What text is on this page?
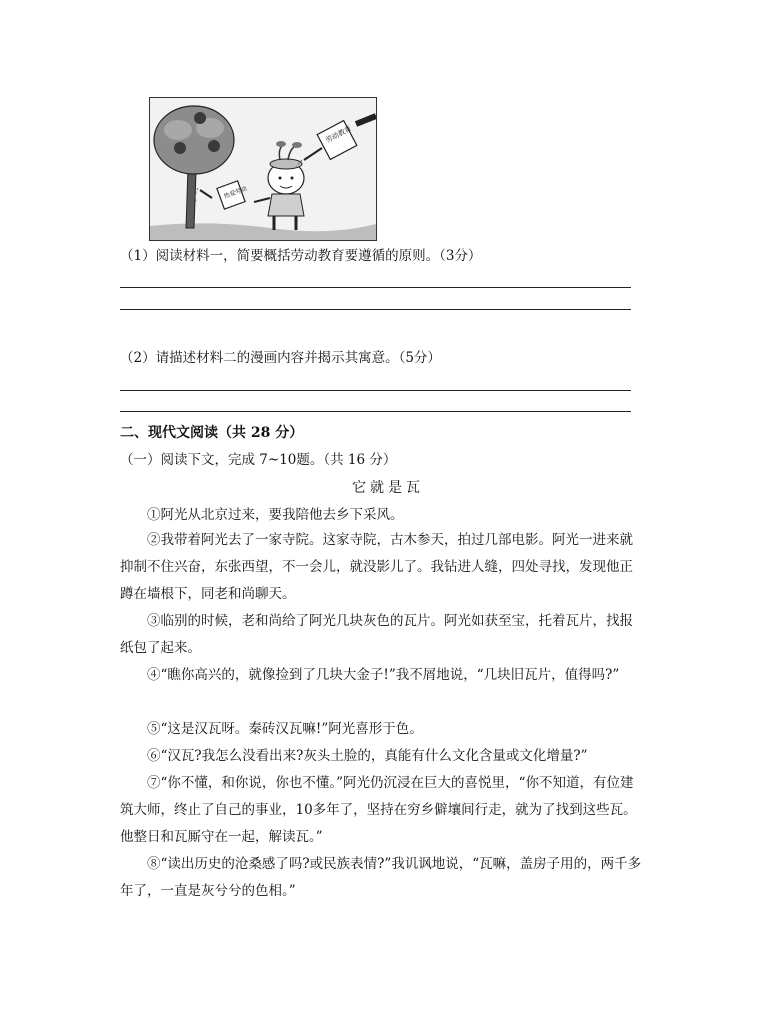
热爱劳动
劳动教育
（1）阅读材料一，简要概括劳动教育要遵循的原则。（3分）
（2）请描述材料二的漫画内容并揭示其寓意。（5分）
二、现代文阅读（共 28 分）
（一）阅读下文，完成 7~10题。（共 16 分）
它就是瓦
①阿光从北京过来，要我陪他去乡下采风。
②我带着阿光去了一家寺院。这家寺院，古木参天，拍过几部电影。阿光一进来就抑制不住兴奋，东张西望，不一会儿，就没影儿了。我钻进人缝，四处寻找，发现他正蹲在墙根下，同老和尚聊天。
③临别的时候，老和尚给了阿光几块灰色的瓦片。阿光如获至宝，托着瓦片，找报纸包了起来。
④“瞧你高兴的，就像捡到了几块大金子!”我不屑地说，“几块旧瓦片，值得吗?”
⑤“这是汉瓦呀。秦砖汉瓦嘛!”阿光喜形于色。
⑥“汉瓦?我怎么没看出来?灰头土脸的，真能有什么文化含量或文化增量?”
⑦“你不懂，和你说，你也不懂。”阿光仍沉浸在巨大的喜悦里，“你不知道，有位建筑大师，终止了自己的事业，10多年了，坚持在穷乡僻壤间行走，就为了找到这些瓦。他整日和瓦厮守在一起，解读瓦。”
⑧“读出历史的沧桑感了吗?或民族表情?”我讥讽地说，“瓦嘛，盖房子用的，两千多年了，一直是灰兮兮的色相。”
